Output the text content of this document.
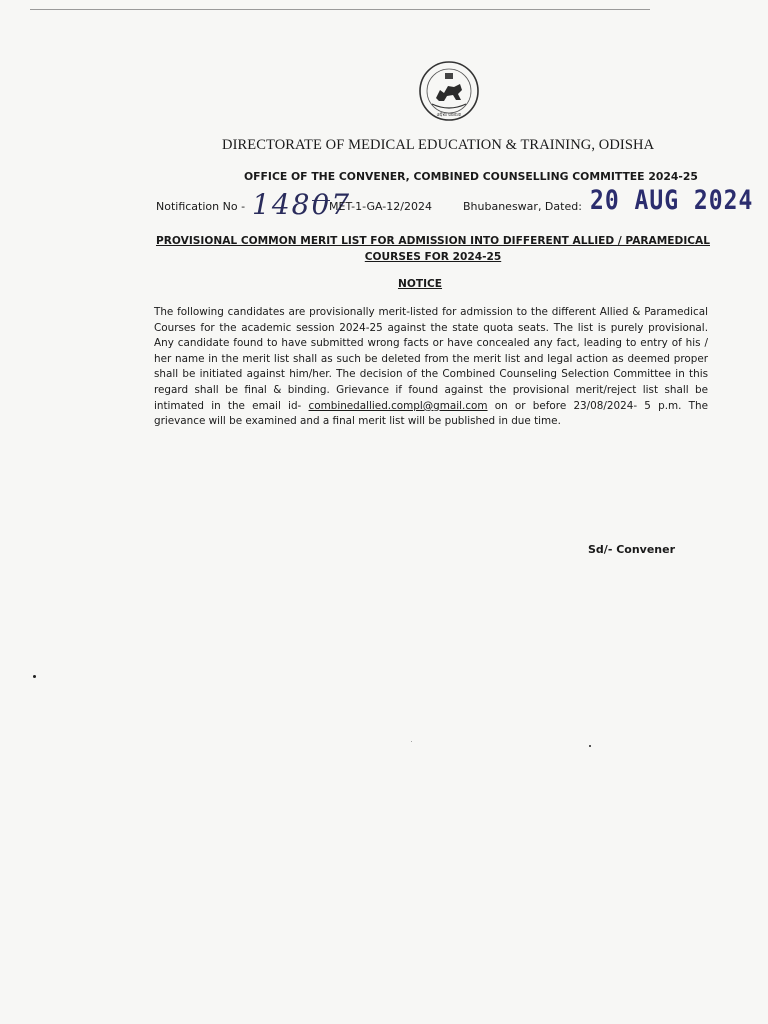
ଓଡ଼ିଶା ସରକାର
DIRECTORATE OF MEDICAL EDUCATION & TRAINING, ODISHA
OFFICE OF THE CONVENER, COMBINED COUNSELLING COMMITTEE 2024-25
Notification No - 14807
MET-1-GA-12/2024	Bhubaneswar, Dated: 20 AUG 2024
PROVISIONAL COMMON MERIT LIST FOR ADMISSION INTO DIFFERENT ALLIED / PARAMEDICAL
COURSES FOR 2024-25
NOTICE
The following candidates are provisionally merit-listed for admission to the different Allied & Paramedical Courses for the academic session 2024-25 against the state quota seats. The list is purely provisional. Any candidate found to have submitted wrong facts or have concealed any fact, leading to entry of his / her name in the merit list shall as such be deleted from the merit list and legal action as deemed proper shall be initiated against him/her. The decision of the Combined Counseling Selection Committee in this regard shall be final & binding. Grievance if found against the provisional merit/reject list shall be intimated in the email id- combinedallied.compl@gmail.com on or before 23/08/2024- 5 p.m. The grievance will be examined and a final merit list will be published in due time.
Sd/- Convener
